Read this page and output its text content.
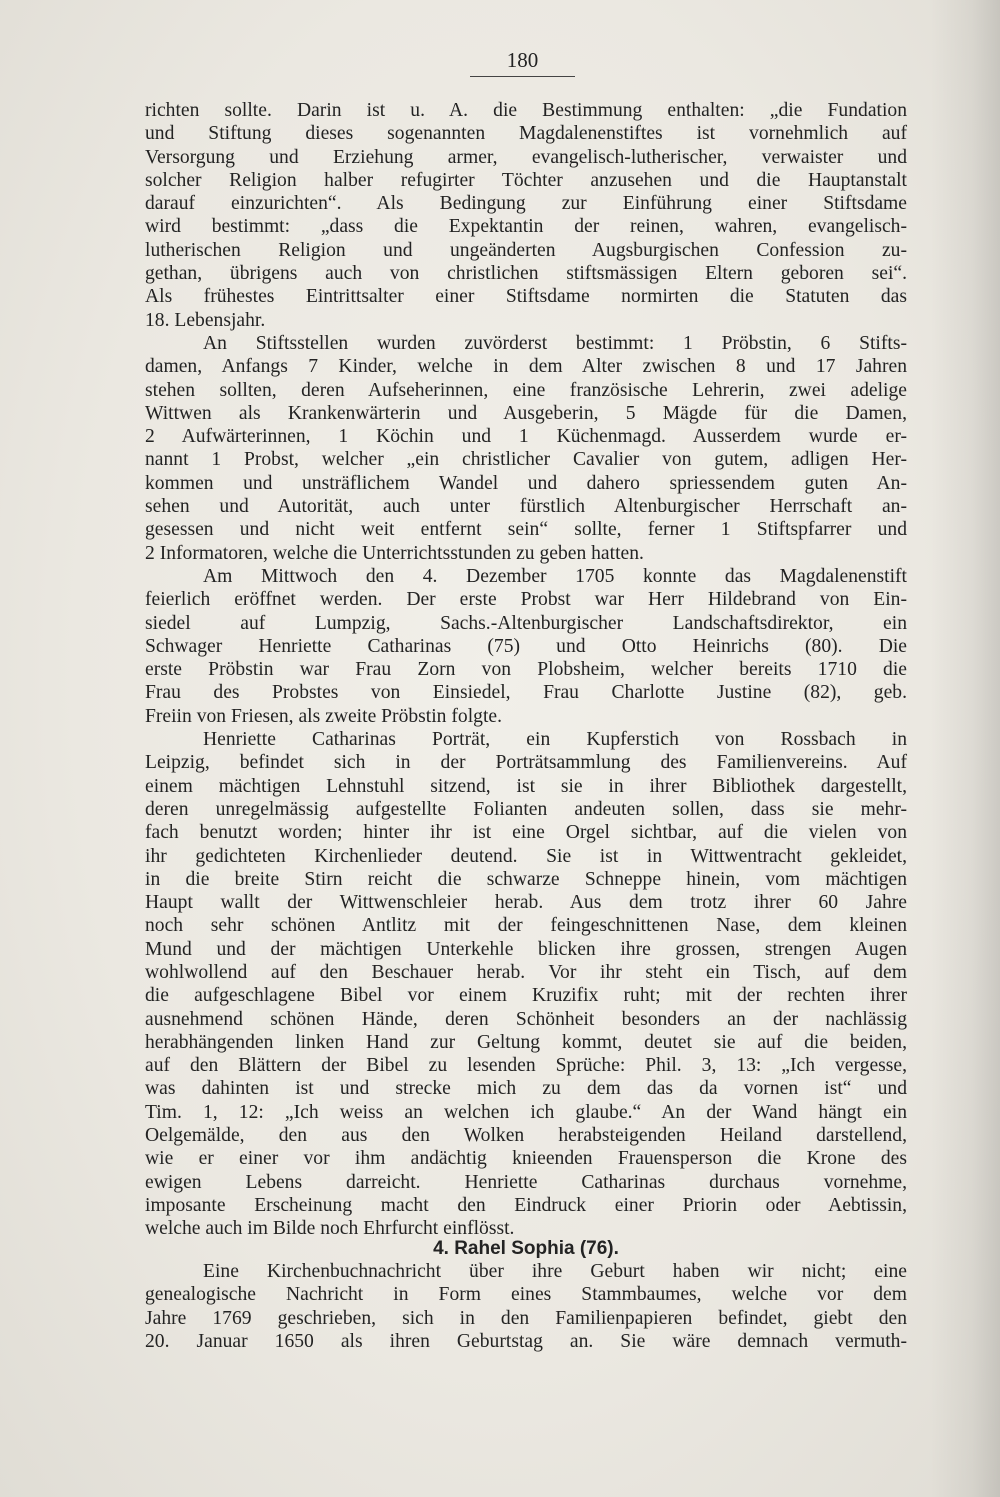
180
richten sollte. Darin ist u. A. die Bestimmung enthalten: „die Fundation
und Stiftung dieses sogenannten Magdalenenstiftes ist vornehmlich auf
Versorgung und Erziehung armer, evangelisch-lutherischer, verwaister und
solcher Religion halber refugirter Töchter anzusehen und die Hauptanstalt
darauf einzurichten“. Als Bedingung zur Einführung einer Stiftsdame
wird bestimmt: „dass die Expektantin der reinen, wahren, evangelisch-
lutherischen Religion und ungeänderten Augsburgischen Confession zu-
gethan, übrigens auch von christlichen stiftsmässigen Eltern geboren sei“.
Als frühestes Eintrittsalter einer Stiftsdame normirten die Statuten das
18. Lebensjahr.
An Stiftsstellen wurden zuvörderst bestimmt: 1 Pröbstin, 6 Stifts-
damen, Anfangs 7 Kinder, welche in dem Alter zwischen 8 und 17 Jahren
stehen sollten, deren Aufseherinnen, eine französische Lehrerin, zwei adelige
Wittwen als Krankenwärterin und Ausgeberin, 5 Mägde für die Damen,
2 Aufwärterinnen, 1 Köchin und 1 Küchenmagd. Ausserdem wurde er-
nannt 1 Probst, welcher „ein christlicher Cavalier von gutem, adligen Her-
kommen und unsträflichem Wandel und dahero spriessendem guten An-
sehen und Autorität, auch unter fürstlich Altenburgischer Herrschaft an-
gesessen und nicht weit entfernt sein“ sollte, ferner 1 Stiftspfarrer und
2 Informatoren, welche die Unterrichtsstunden zu geben hatten.
Am Mittwoch den 4. Dezember 1705 konnte das Magdalenenstift
feierlich eröffnet werden. Der erste Probst war Herr Hildebrand von Ein-
siedel auf Lumpzig, Sachs.-Altenburgischer Landschaftsdirektor, ein
Schwager Henriette Catharinas (75) und Otto Heinrichs (80). Die
erste Pröbstin war Frau Zorn von Plobsheim, welcher bereits 1710 die
Frau des Probstes von Einsiedel, Frau Charlotte Justine (82), geb.
Freiin von Friesen, als zweite Pröbstin folgte.
Henriette Catharinas Porträt, ein Kupferstich von Rossbach in
Leipzig, befindet sich in der Porträtsammlung des Familienvereins. Auf
einem mächtigen Lehnstuhl sitzend, ist sie in ihrer Bibliothek dargestellt,
deren unregelmässig aufgestellte Folianten andeuten sollen, dass sie mehr-
fach benutzt worden; hinter ihr ist eine Orgel sichtbar, auf die vielen von
ihr gedichteten Kirchenlieder deutend. Sie ist in Wittwentracht gekleidet,
in die breite Stirn reicht die schwarze Schneppe hinein, vom mächtigen
Haupt wallt der Wittwenschleier herab. Aus dem trotz ihrer 60 Jahre
noch sehr schönen Antlitz mit der feingeschnittenen Nase, dem kleinen
Mund und der mächtigen Unterkehle blicken ihre grossen, strengen Augen
wohlwollend auf den Beschauer herab. Vor ihr steht ein Tisch, auf dem
die aufgeschlagene Bibel vor einem Kruzifix ruht; mit der rechten ihrer
ausnehmend schönen Hände, deren Schönheit besonders an der nachlässig
herabhängenden linken Hand zur Geltung kommt, deutet sie auf die beiden,
auf den Blättern der Bibel zu lesenden Sprüche: Phil. 3, 13: „Ich vergesse,
was dahinten ist und strecke mich zu dem das da vornen ist“ und
Tim. 1, 12: „Ich weiss an welchen ich glaube.“ An der Wand hängt ein
Oelgemälde, den aus den Wolken herabsteigenden Heiland darstellend,
wie er einer vor ihm andächtig knieenden Frauensperson die Krone des
ewigen Lebens darreicht. Henriette Catharinas durchaus vornehme,
imposante Erscheinung macht den Eindruck einer Priorin oder Aebtissin,
welche auch im Bilde noch Ehrfurcht einflösst.
4. Rahel Sophia (76).
Eine Kirchenbuchnachricht über ihre Geburt haben wir nicht; eine
genealogische Nachricht in Form eines Stammbaumes, welche vor dem
Jahre 1769 geschrieben, sich in den Familienpapieren befindet, giebt den
20. Januar 1650 als ihren Geburtstag an. Sie wäre demnach vermuth-
